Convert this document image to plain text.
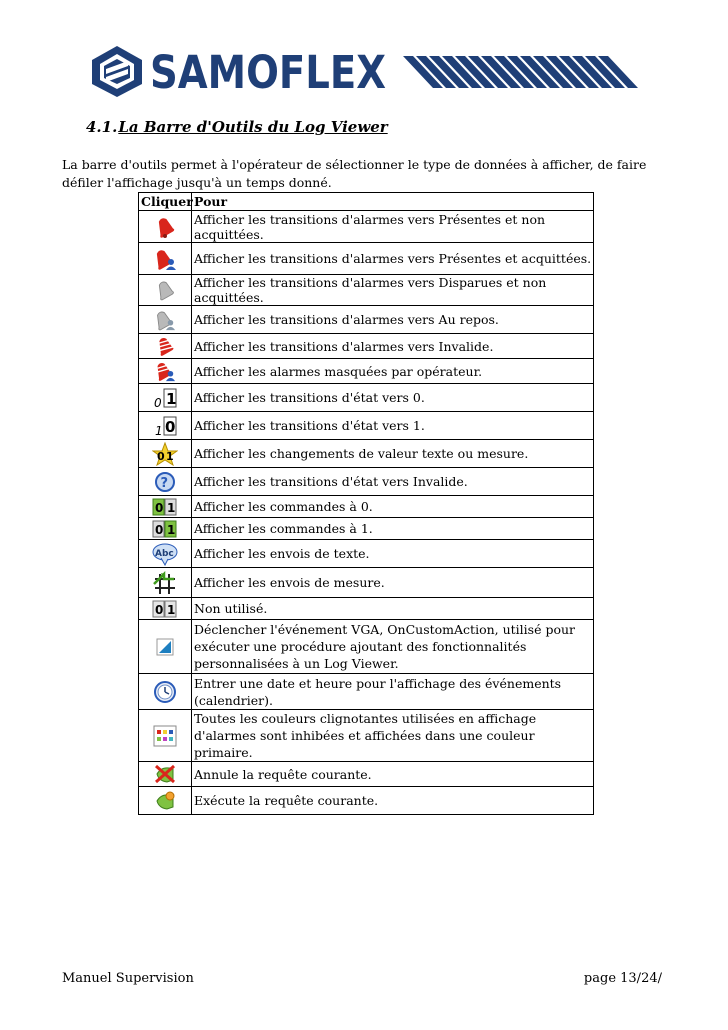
SAMOFLEX
4.1.La Barre d'Outils du Log Viewer
La barre d'outils permet à l'opérateur de sélectionner le type de données à afficher, de faire défiler l'affichage jusqu'à un temps donné.
Cliquer	Pour

	Afficher les transitions d'alarmes vers Présentes et non acquittées.

	Afficher les transitions d'alarmes vers Présentes et acquittées.

	Afficher les transitions d'alarmes vers Disparues et non acquittées.

	Afficher les transitions d'alarmes vers Au repos.

	Afficher les transitions d'alarmes vers Invalide.

	Afficher les alarmes masquées par opérateur.

0 1	Afficher les transitions d'état vers 0.

1 0	Afficher les transitions d'état vers 1.

0 1	Afficher les changements de valeur texte ou mesure.

?	Afficher les transitions d'état vers Invalide.

0 1	Afficher les commandes à 0.

0 1	Afficher les commandes à 1.

Abc	Afficher les envois de texte.

	Afficher les envois de mesure.

0 1	Non utilisé.

	Déclencher l'événement VGA, OnCustomAction, utilisé pour exécuter une procédure ajoutant des fonctionnalités personnalisées à un Log Viewer.

	Entrer une date et heure pour l'affichage des événements (calendrier).

	Toutes les couleurs clignotantes utilisées en affichage d'alarmes sont inhibées et affichées dans une couleur primaire.

	Annule la requête courante.

	Exécute la requête courante.
Manuel Supervision	page 13/24/
